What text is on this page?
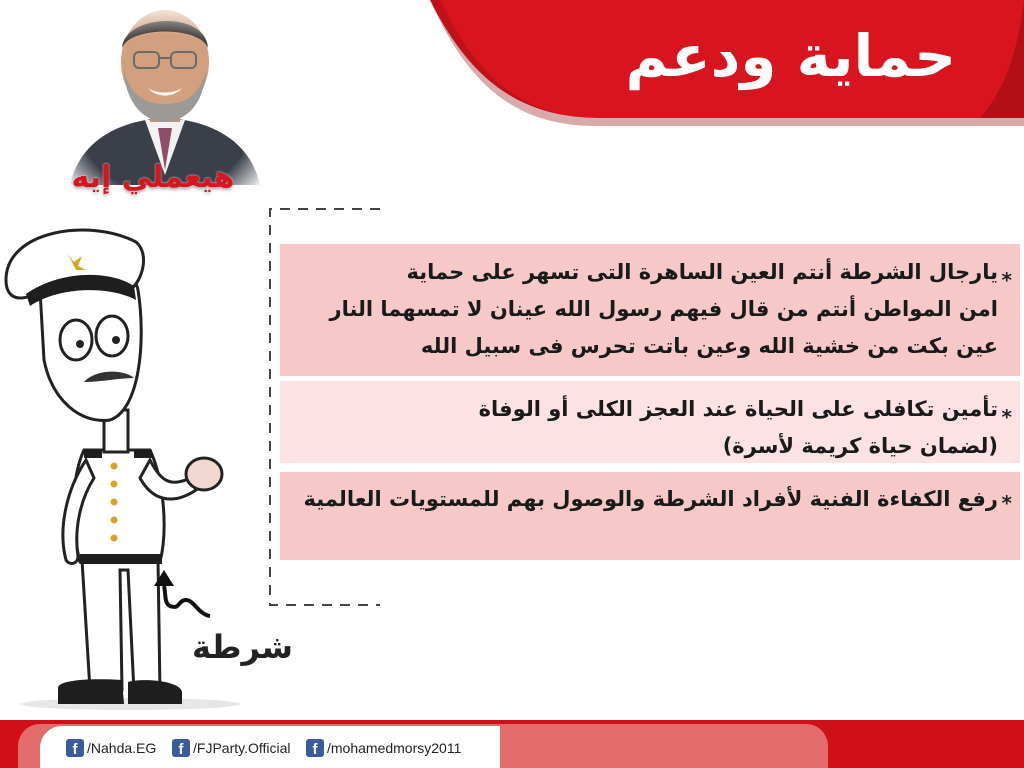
حماية ودعم
هيعملي إيه
*
يارجال الشرطة أنتم العين الساهرة التى تسهر على حماية
امن المواطن أنتم من قال فيهم رسول الله عينان لا تمسهما النار
عين بكت من خشية الله وعين باتت تحرس فى سبيل الله
*
تأمين تكافلى على الحياة عند العجز الكلى أو الوفاة
(لضمان حياة كريمة لأسرة)
*
رفع الكفاءة الفنية لأفراد الشرطة والوصول بهم للمستويات العالمية
شرطة
f /Nahda.EG	f /FJParty.Official	f /mohamedmorsy2011
